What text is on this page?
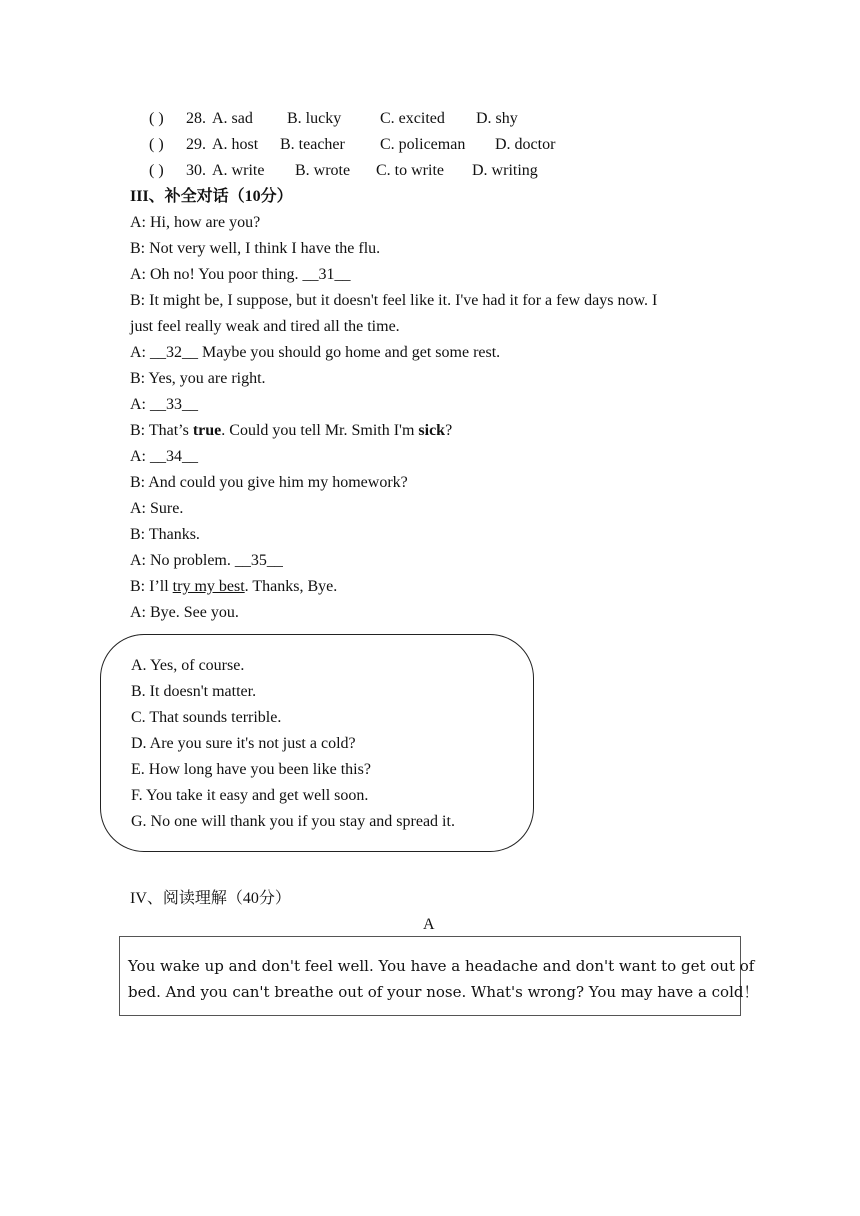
( ) 28. A. sad B. lucky C. excited D. shy
( ) 29. A. host B. teacher C. policeman D. doctor
( ) 30. A. write B. wrote C. to write D. writing
III、补全对话（10分）
A: Hi, how are you?
B: Not very well, I think I have the flu.
A: Oh no! You poor thing. __31__
B: It might be, I suppose, but it doesn't feel like it. I've had it for a few days now. I
just feel really weak and tired all the time.
A: __32__ Maybe you should go home and get some rest.
B: Yes, you are right.
A: __33__
B: That’s true. Could you tell Mr. Smith I'm sick?
A: __34__
B: And could you give him my homework?
A: Sure.
B: Thanks.
A: No problem. __35__
B: I’ll try my best. Thanks, Bye.
A: Bye. See you.
A. Yes, of course.
B. It doesn't matter.
C. That sounds terrible.
D. Are you sure it's not just a cold?
E. How long have you been like this?
F. You take it easy and get well soon.
G. No one will thank you if you stay and spread it.
IV、阅读理解（40分）
A
You wake up and don't feel well. You have a headache and don't want to get out of
bed. And you can't breathe out of your nose. What's wrong? You may have a cold！
